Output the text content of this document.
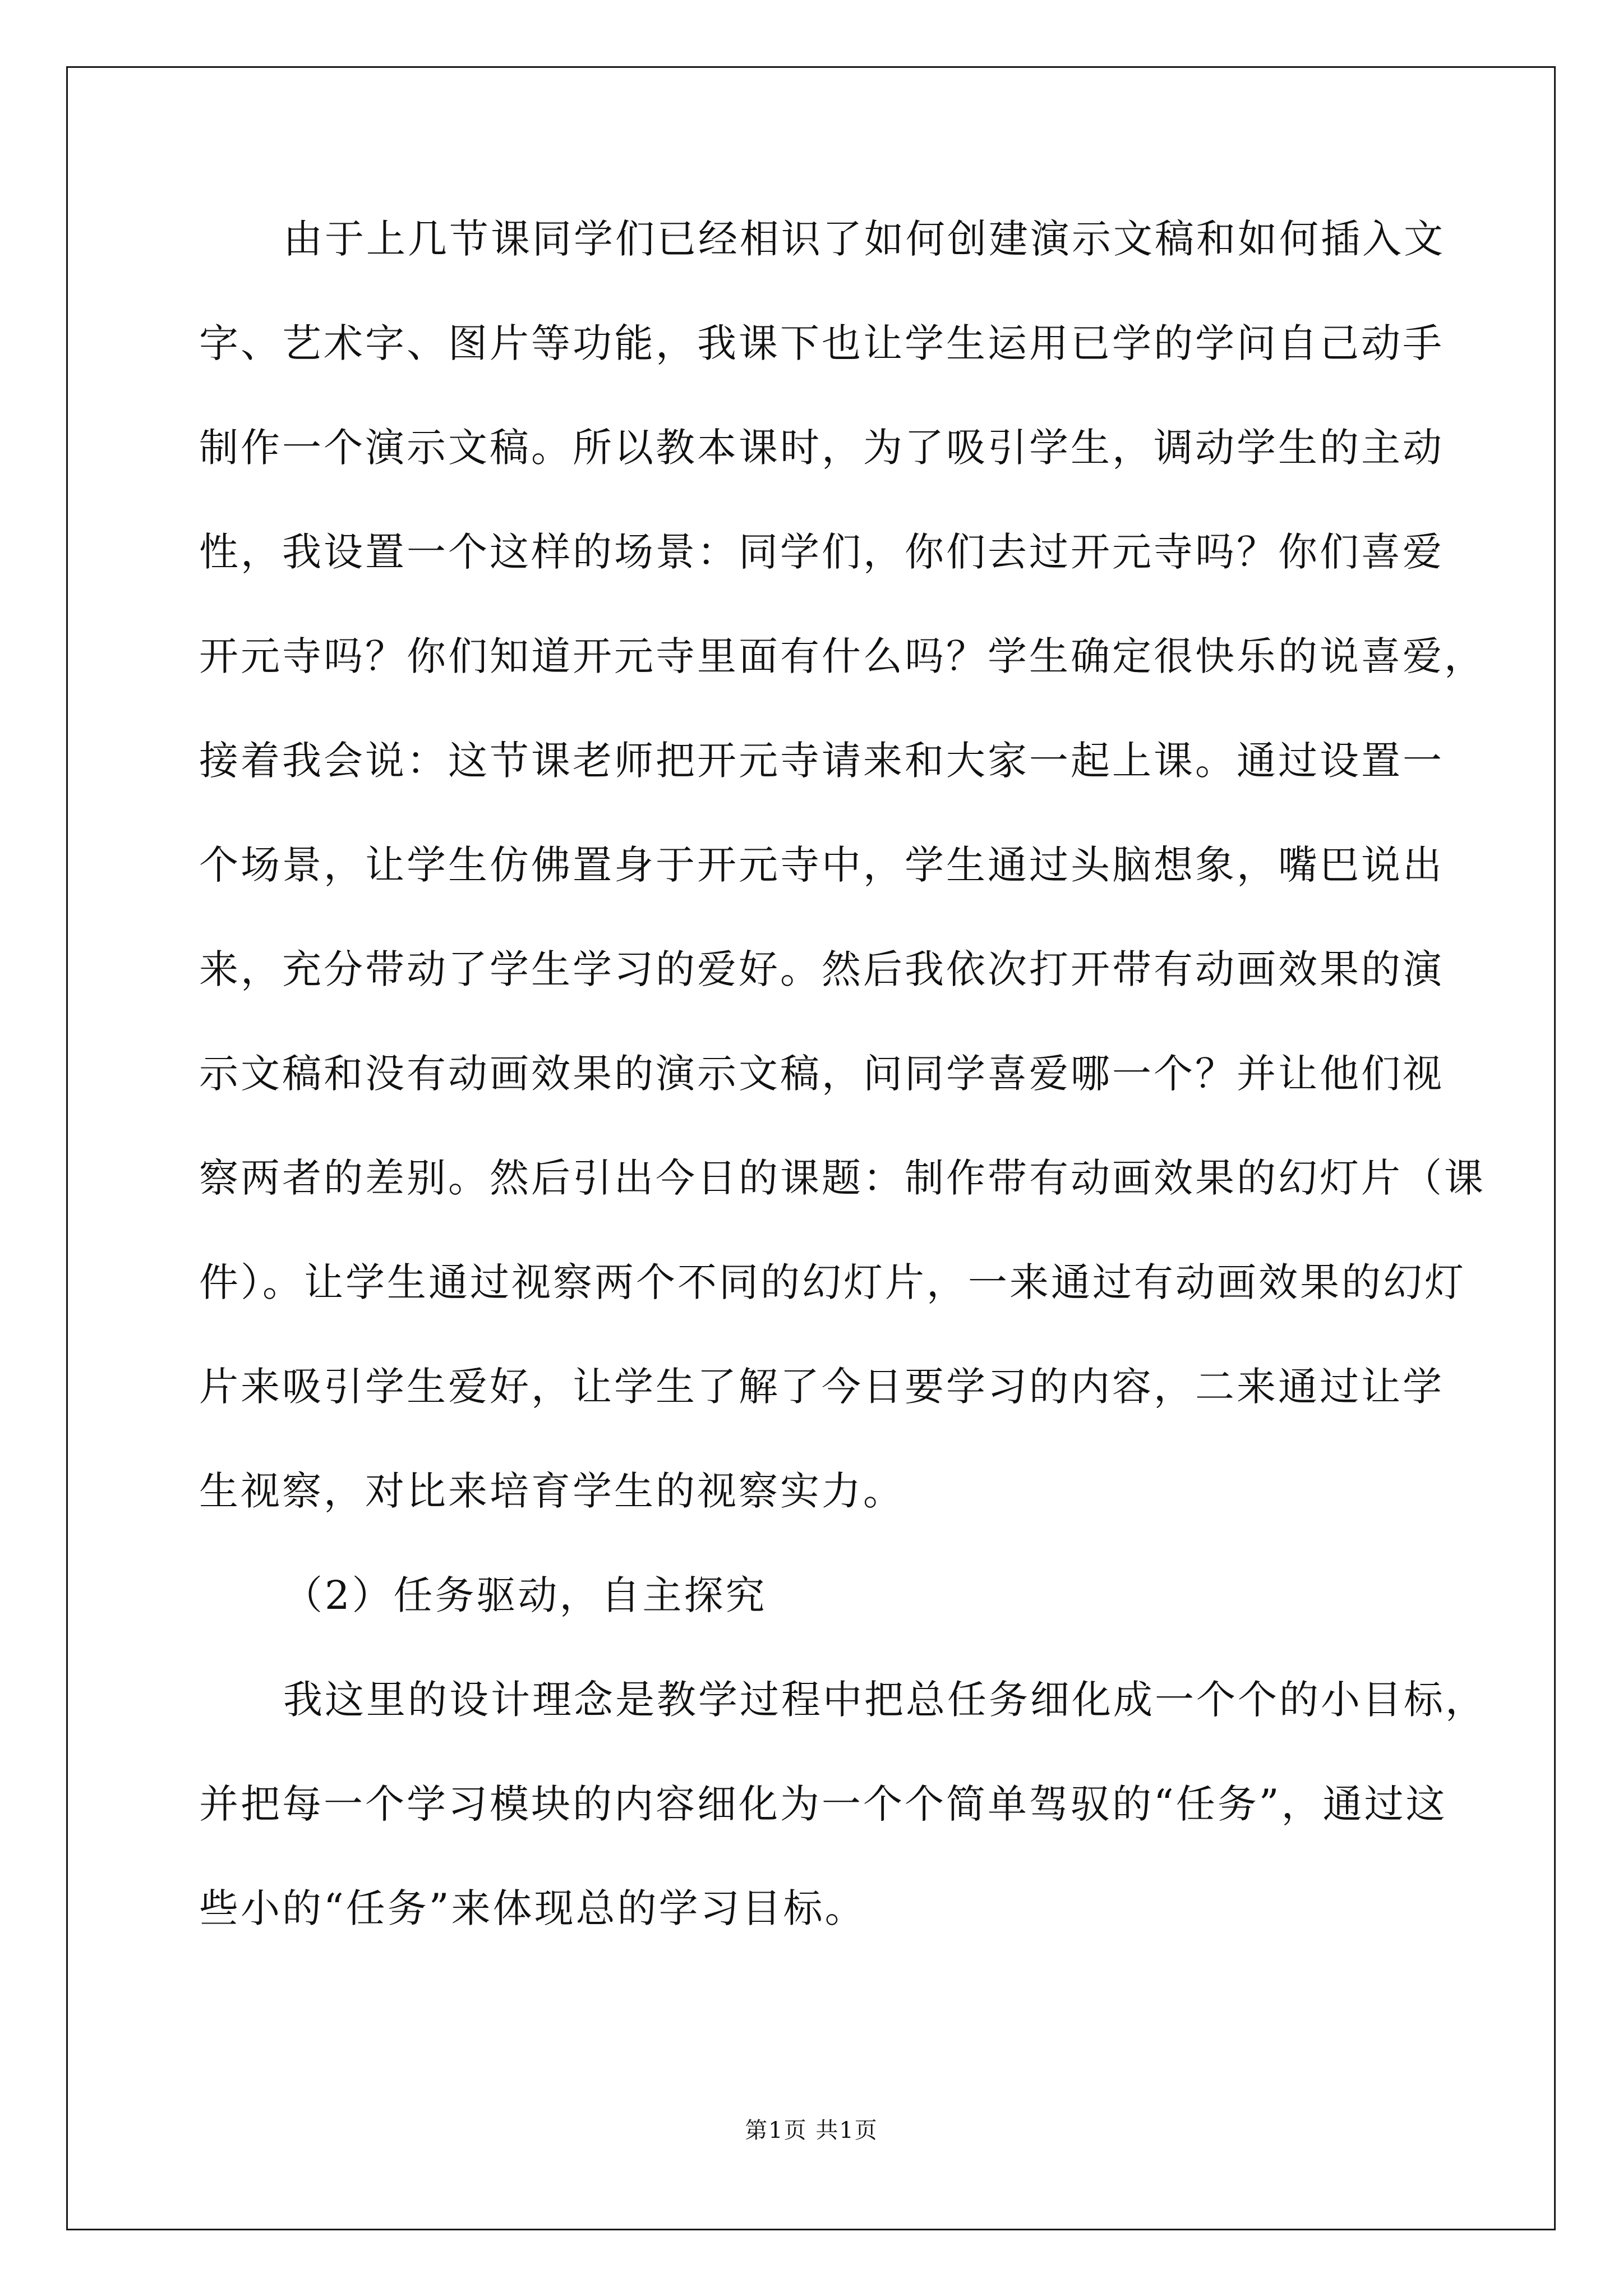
由于上几节课同学们已经相识了如何创建演示文稿和如何插入文
字、艺术字、图片等功能，我课下也让学生运用已学的学问自己动手
制作一个演示文稿。所以教本课时，为了吸引学生，调动学生的主动
性，我设置一个这样的场景：同学们，你们去过开元寺吗？你们喜爱
开元寺吗？你们知道开元寺里面有什么吗？学生确定很快乐的说喜爱，
接着我会说：这节课老师把开元寺请来和大家一起上课。通过设置一
个场景，让学生仿佛置身于开元寺中，学生通过头脑想象，嘴巴说出
来，充分带动了学生学习的爱好。然后我依次打开带有动画效果的演
示文稿和没有动画效果的演示文稿，问同学喜爱哪一个？并让他们视
察两者的差别。然后引出今日的课题：制作带有动画效果的幻灯片（课
件）。让学生通过视察两个不同的幻灯片，一来通过有动画效果的幻灯
片来吸引学生爱好，让学生了解了今日要学习的内容，二来通过让学
生视察，对比来培育学生的视察实力。
（2）任务驱动，自主探究
我这里的设计理念是教学过程中把总任务细化成一个个的小目标，
并把每一个学习模块的内容细化为一个个简单驾驭的“任务”，通过这
些小的“任务”来体现总的学习目标。
第1页 共1页
